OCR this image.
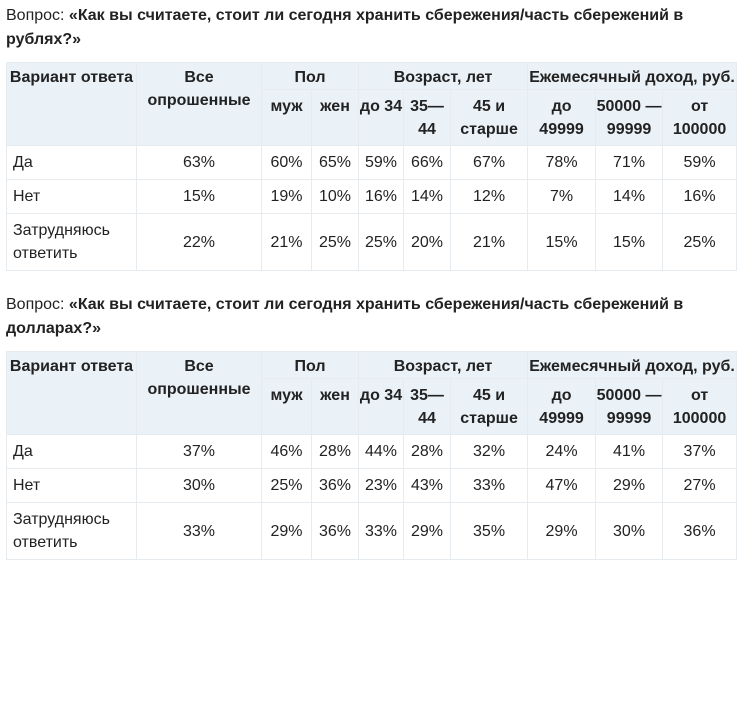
Вопрос: «Как вы считаете, стоит ли сегодня хранить сбережения/часть сбережений в рублях?»
Вариант ответа	Все опрошенные	Пол		Возраст, лет			Ежемесячный доход, руб.		
		муж	жен	до 34	35—44	45 и старше	до 49999	50000 — 99999	от 100000
Да	63%	60%	65%	59%	66%	67%	78%	71%	59%
Нет	15%	19%	10%	16%	14%	12%	7%	14%	16%
Затрудняюсь ответить	22%	21%	25%	25%	20%	21%	15%	15%	25%
Вопрос: «Как вы считаете, стоит ли сегодня хранить сбережения/часть сбережений в долларах?»
Вариант ответа	Все опрошенные	Пол		Возраст, лет			Ежемесячный доход, руб.		
		муж	жен	до 34	35—44	45 и старше	до 49999	50000 — 99999	от 100000
Да	37%	46%	28%	44%	28%	32%	24%	41%	37%
Нет	30%	25%	36%	23%	43%	33%	47%	29%	27%
Затрудняюсь ответить	33%	29%	36%	33%	29%	35%	29%	30%	36%
